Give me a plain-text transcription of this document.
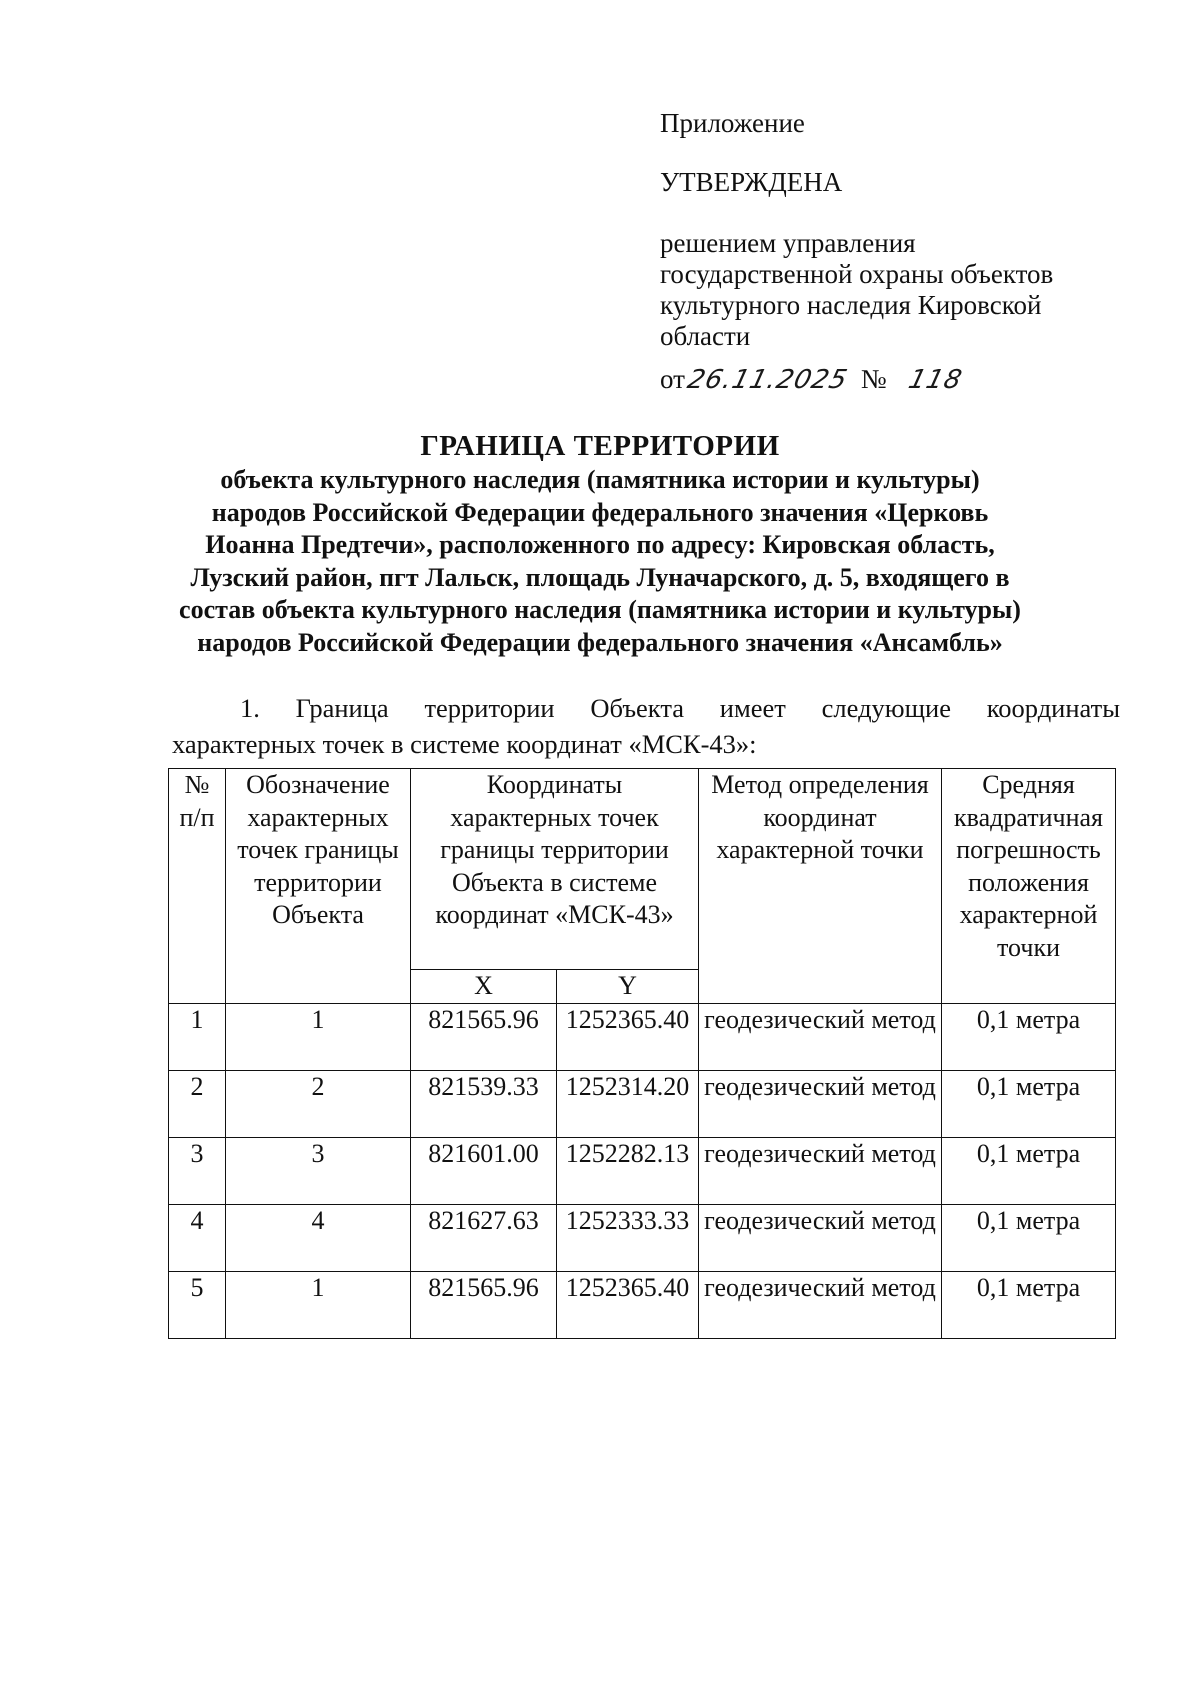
Приложение
УТВЕРЖДЕНА
решением управления
государственной охраны объектов
культурного наследия Кировской
области
от 26.11.2025 № 118
ГРАНИЦА ТЕРРИТОРИИ
объекта культурного наследия (памятника истории и культуры)
народов Российской Федерации федерального значения «Церковь
Иоанна Предтечи», расположенного по адресу: Кировская область,
Лузский район, пгт Лальск, площадь Луначарского, д. 5, входящего в
состав объекта культурного наследия (памятника истории и культуры)
народов Российской Федерации федерального значения «Ансамбль»
1. Граница территории Объекта имеет следующие координаты
характерных точек в системе координат «МСК-43»:
№ п/п	Обозначение характерных точек границы территории Объекта	Координаты характерных точек границы территории Объекта в системе координат «МСК-43»		Метод определения координат характерной точки	Средняя квадратичная погрешность положения характерной точки
		X	Y		
1	1	821565.96	1252365.40	геодезический метод	0,1 метра
2	2	821539.33	1252314.20	геодезический метод	0,1 метра
3	3	821601.00	1252282.13	геодезический метод	0,1 метра
4	4	821627.63	1252333.33	геодезический метод	0,1 метра
5	1	821565.96	1252365.40	геодезический метод	0,1 метра
